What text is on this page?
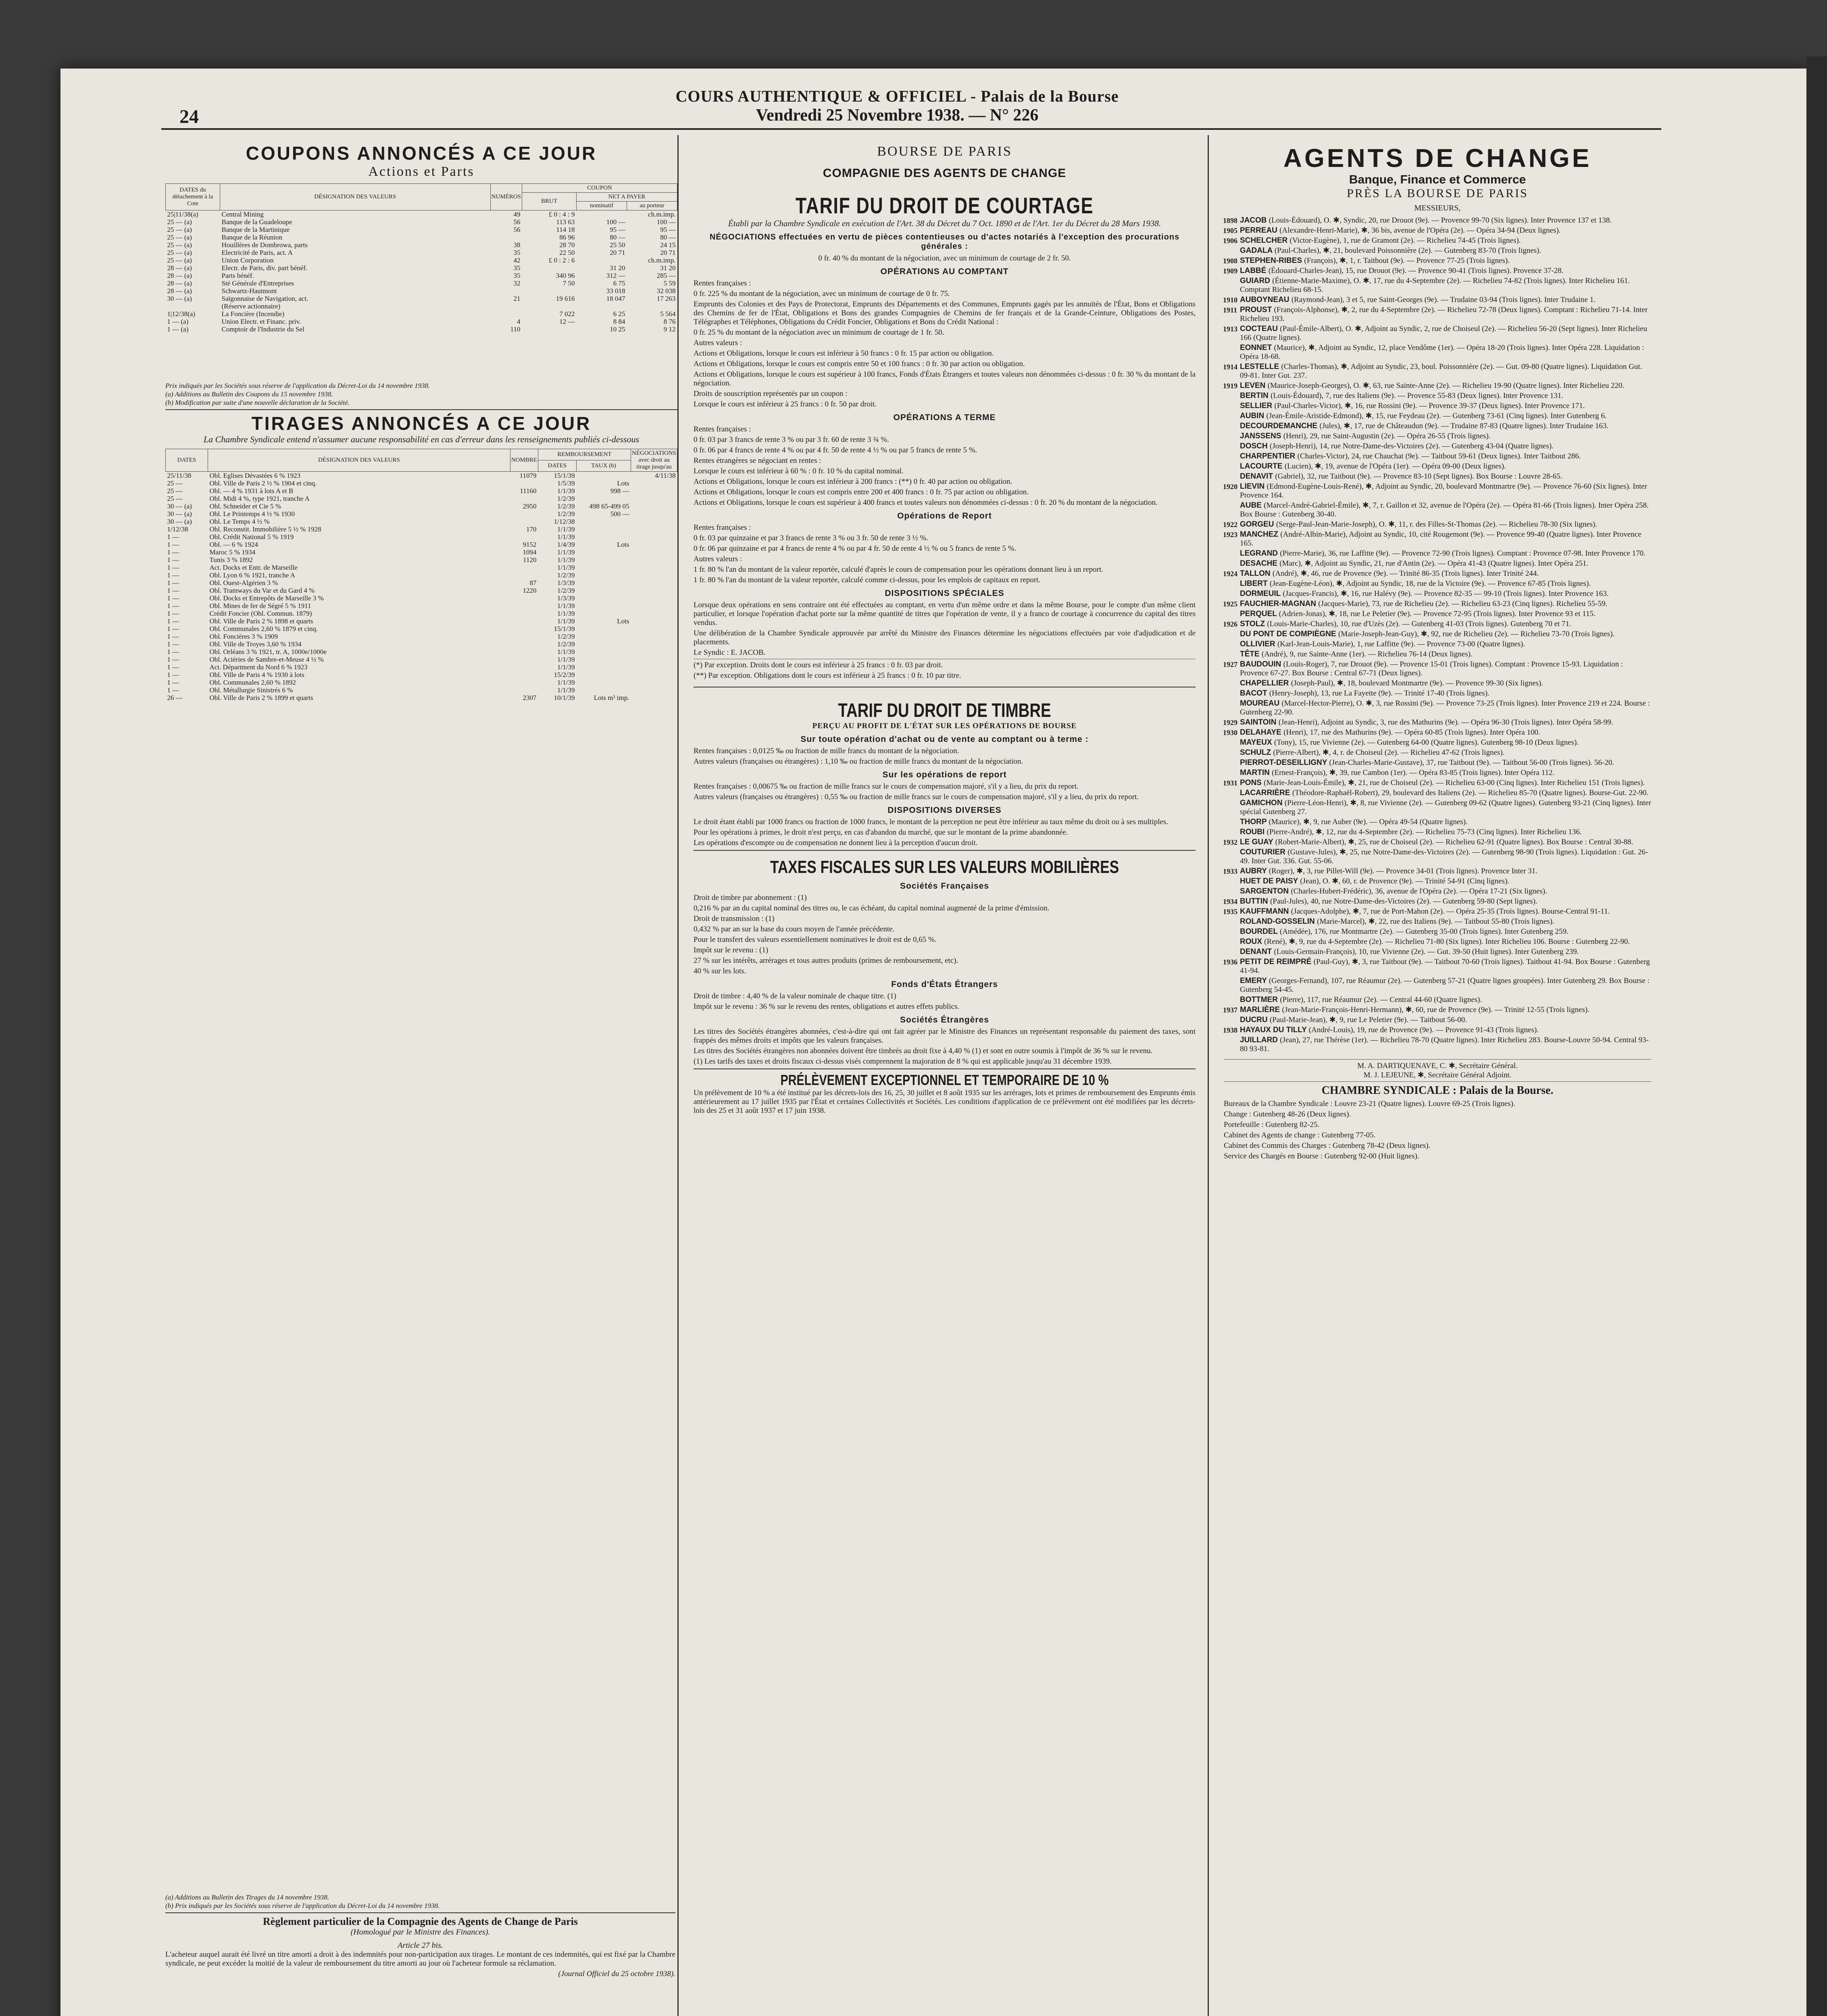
COURS AUTHENTIQUE & OFFICIEL - Palais de la Bourse
Vendredi 25 Novembre 1938. — N° 226
24
COUPONS ANNONCÉS A CE JOUR
Actions et Parts
DATES du détachement à la Cote	DÉSIGNATION DES VALEURS	NUMÉROS	COUPON		
			BRUT	NET A PAYER	
				nominatif	au porteur
25|11/38(a)	Central Mining	49	£ 0 : 4 : 9		ch.m.imp.
25 — (a)	Banque de la Guadeloupe	56	113 63	100 —	100 —
25 — (a)	Banque de la Martinique	56	114 18	95 —	95 —
25 — (a)	Banque de la Réunion		86 96	80 —	80 —
25 — (a)	Houillères de Dombrowa, parts	38	28 70	25 50	24 15
25 — (a)	Electricité de Paris, act. A	35	22 50	20 71	20 71
25 — (a)	Union Corporation	42	£ 0 : 2 : 6		ch.m.imp.
28 — (a)	Electr. de Paris, div. part bénéf.	35		31 20	31 20
28 — (a)	Parts bénéf.	35	340 96	312 —	285 —
28 — (a)	Sté Générale d'Entreprises	32	7 50	6 75	5 59
28 — (a)	Schwartz-Hautmont			33 018	32 038
30 — (a)	Saïgonnaise de Navigation, act.	21	19 616	18 047	17 263
	(Réserve actionnaire)				
1|12/38(a)	La Foncière (Incendie)		7 022	6 25	5 564
1 — (a)	Union Electr. et Financ. priv.	4	12 —	8 84	8 76
1 — (a)	Comptoir de l'Industrie du Sel	110		10 25	9 12
Prix indiqués par les Sociétés sous réserve de l'application du Décret-Loi du 14 novembre 1938.
(a) Additions au Bulletin des Coupons du 15 novembre 1938.
(b) Modification par suite d'une nouvelle déclaration de la Société.
TIRAGES ANNONCÉS A CE JOUR
La Chambre Syndicale entend n'assumer aucune responsabilité en cas d'erreur dans les renseignements publiés ci-dessous
DATES	DÉSIGNATION DES VALEURS	NOMBRE	REMBOURSEMENT		NÉGOCIATIONS avec droit au tirage jusqu'au
			DATES	TAUX (b)	
25/11/38	Obl. Eglises Dévastées 6 % 1923	11079	15/1/39		4/11/38
25 —	Obl. Ville de Paris 2 ½ % 1904 et cinq.		1/5/39	Lots	
25 —	Obl. — 4 % 1931 à lots A et B	11160	1/1/39	998 —	
25 —	Obl. Midi 4 %, type 1921, tranche A		1/2/39		
30 — (a)	Obl. Schneider et Cie 5 %	2950	1/2/39	498 65-499 05	
30 — (a)	Obl. Le Printemps 4 ½ % 1930		1/2/39	500 —	
30 — (a)	Obl. Le Temps 4 ½ %		1/12/38		
1/12/38	Obl. Reconstit. Immobilière 5 ½ % 1928	170	1/1/39		
1 —	Obl. Crédit National 5 % 1919		1/1/39		
1 —	Obl. — 6 % 1924	9152	1/4/39	Lots	
1 —	Maroc 5 % 1934	1094	1/1/39		
1 —	Tunis 3 % 1892	1120	1/1/39		
1 —	Act. Docks et Entr. de Marseille		1/1/39		
1 —	Obl. Lyon 6 % 1921, tranche A		1/2/39		
1 —	Obl. Ouest-Algérien 3 %	87	1/3/39		
1 —	Obl. Tramways du Var et du Gard 4 %	1220	1/2/39		
1 —	Obl. Docks et Entrepôts de Marseille 3 %		1/3/39		
1 —	Obl. Mines de fer de Ségré 5 % 1911		1/1/39		
1 —	Crédit Foncier (Obl. Commun. 1879)		1/1/39		
1 —	Obl. Ville de Paris 2 % 1898 et quarts		1/1/39	Lots	
1 —	Obl. Communales 2,60 % 1879 et cinq.		15/1/39		
1 —	Obl. Foncières 3 % 1909		1/2/39		
1 —	Obl. Ville de Troyes 3,60 % 1934		1/2/39		
1 —	Obl. Orléans 3 % 1921, tr. A, 1000e/1000e		1/1/39		
1 —	Obl. Aciéries de Sambre-et-Meuse 4 ½ %		1/1/39		
1 —	Act. Départment du Nord 6 % 1923		1/1/39		
1 —	Obl. Ville de Paris 4 % 1930 à lots		15/2/39		
1 —	Obl. Communales 2,60 % 1892		1/1/39		
1 —	Obl. Métallurgie Sinistrés 6 %		1/1/39		
26 —	Obl. Ville de Paris 2 % 1899 et quarts	2307	10/1/39	Lots m² imp.	
(a) Additions au Bulletin des Tirages du 14 novembre 1938.
(b) Prix indiqués par les Sociétés sous réserve de l'application du Décret-Loi du 14 novembre 1938.
Règlement particulier de la Compagnie des Agents de Change de Paris
(Homologué par le Ministre des Finances).
Article 27 bis.
L'acheteur auquel aurait été livré un titre amorti a droit à des indemnités pour non-participation aux tirages. Le montant de ces indemnités, qui est fixé par la Chambre syndicale, ne peut excéder la moitié de la valeur de remboursement du titre amorti au jour où l'acheteur formule sa réclamation.
(Journal Officiel du 25 octobre 1938).
BOURSE DE PARIS
COMPAGNIE DES AGENTS DE CHANGE
TARIF DU DROIT DE COURTAGE
Établi par la Chambre Syndicale en exécution de l'Art. 38 du Décret du 7 Oct. 1890 et de l'Art. 1er du Décret du 28 Mars 1938.
NÉGOCIATIONS effectuées en vertu de pièces contentieuses ou d'actes notariés à l'exception des procurations générales :
0 fr. 40 % du montant de la négociation, avec un minimum de courtage de 2 fr. 50.
OPÉRATIONS AU COMPTANT
Rentes françaises :
0 fr. 225 % du montant de la négociation, avec un minimum de courtage de 0 fr. 75.
Emprunts des Colonies et des Pays de Protectorat, Emprunts des Départements et des Communes, Emprunts gagés par les annuités de l'État, Bons et Obligations des Chemins de fer de l'État, Obligations et Bons des grandes Compagnies de Chemins de fer français et de la Grande-Ceinture, Obligations des Postes, Télégraphes et Téléphones, Obligations du Crédit Foncier, Obligations et Bons du Crédit National :
0 fr. 25 % du montant de la négociation avec un minimum de courtage de 1 fr. 50.
Autres valeurs :
Actions et Obligations, lorsque le cours est inférieur à 50 francs : 0 fr. 15 par action ou obligation.
Actions et Obligations, lorsque le cours est compris entre 50 et 100 francs : 0 fr. 30 par action ou obligation.
Actions et Obligations, lorsque le cours est supérieur à 100 francs, Fonds d'États Étrangers et toutes valeurs non dénommées ci-dessus : 0 fr. 30 % du montant de la négociation.
Droits de souscription représentés par un coupon :
Lorsque le cours est inférieur à 25 francs : 0 fr. 50 par droit.
OPÉRATIONS A TERME
Rentes françaises :
0 fr. 03 par 3 francs de rente 3 % ou par 3 fr. 60 de rente 3 ¾ %.
0 fr. 06 par 4 francs de rente 4 % ou par 4 fr. 50 de rente 4 ½ % ou par 5 francs de rente 5 %.
Rentes étrangères se négociant en rentes :
Lorsque le cours est inférieur à 60 % : 0 fr. 10 % du capital nominal.
Actions et Obligations, lorsque le cours est inférieur à 200 francs : (**) 0 fr. 40 par action ou obligation.
Actions et Obligations, lorsque le cours est compris entre 200 et 400 francs : 0 fr. 75 par action ou obligation.
Actions et Obligations, lorsque le cours est supérieur à 400 francs et toutes valeurs non dénommées ci-dessus : 0 fr. 20 % du montant de la négociation.
Opérations de Report
Rentes françaises :
0 fr. 03 par quinzaine et par 3 francs de rente 3 % ou 3 fr. 50 de rente 3 ½ %.
0 fr. 06 par quinzaine et par 4 francs de rente 4 % ou par 4 fr. 50 de rente 4 ½ % ou 5 francs de rente 5 %.
Autres valeurs :
1 fr. 80 % l'an du montant de la valeur reportée, calculé d'après le cours de compensation pour les opérations donnant lieu à un report.
1 fr. 80 % l'an du montant de la valeur reportée, calculé comme ci-dessus, pour les emplois de capitaux en report.
DISPOSITIONS SPÉCIALES
Lorsque deux opérations en sens contraire ont été effectuées au comptant, en vertu d'un même ordre et dans la même Bourse, pour le compte d'un même client particulier, et lorsque l'opération d'achat porte sur la même quantité de titres que l'opération de vente, il y a franco de courtage à concurrence du capital des titres vendus.
Une délibération de la Chambre Syndicale approuvée par arrêté du Ministre des Finances détermine les négociations effectuées par voie d'adjudication et de placements.
Le Syndic : E. JACOB.
(*) Par exception. Droits dont le cours est inférieur à 25 francs : 0 fr. 03 par droit.
(**) Par exception. Obligations dont le cours est inférieur à 25 francs : 0 fr. 10 par titre.
TARIF DU DROIT DE TIMBRE
PERÇU AU PROFIT DE L'ÉTAT SUR LES OPÉRATIONS DE BOURSE
Sur toute opération d'achat ou de vente au comptant ou à terme :
Rentes françaises : 0,0125 ‰ ou fraction de mille francs du montant de la négociation.
Autres valeurs (françaises ou étrangères) : 1,10 ‰ ou fraction de mille francs du montant de la négociation.
Sur les opérations de report
Rentes françaises : 0,00675 ‰ ou fraction de mille francs sur le cours de compensation majoré, s'il y a lieu, du prix du report.
Autres valeurs (françaises ou étrangères) : 0,55 ‰ ou fraction de mille francs sur le cours de compensation majoré, s'il y a lieu, du prix du report.
DISPOSITIONS DIVERSES
Le droit étant établi par 1000 francs ou fraction de 1000 francs, le montant de la perception ne peut être inférieur au taux même du droit ou à ses multiples.
Pour les opérations à primes, le droit n'est perçu, en cas d'abandon du marché, que sur le montant de la prime abandonnée.
Les opérations d'escompte ou de compensation ne donnent lieu à la perception d'aucun droit.
TAXES FISCALES SUR LES VALEURS MOBILIÈRES
Sociétés Françaises
Droit de timbre par abonnement : (1)
0,216 % par an du capital nominal des titres ou, le cas échéant, du capital nominal augmenté de la prime d'émission.
Droit de transmission : (1)
0,432 % par an sur la base du cours moyen de l'année précédente.
Pour le transfert des valeurs essentiellement nominatives le droit est de 0,65 %.
Impôt sur le revenu : (1)
27 % sur les intérêts, arrérages et tous autres produits (primes de remboursement, etc).
40 % sur les lots.
Fonds d'États Étrangers
Droit de timbre : 4,40 % de la valeur nominale de chaque titre. (1)
Impôt sur le revenu : 36 % sur le revenu des rentes, obligations et autres effets publics.
Sociétés Étrangères
Les titres des Sociétés étrangères abonnées, c'est-à-dire qui ont fait agréer par le Ministre des Finances un représentant responsable du paiement des taxes, sont frappés des mêmes droits et impôts que les valeurs françaises.
Les titres des Sociétés étrangères non abonnées doivent être timbrés au droit fixe à 4,40 % (1) et sont en outre soumis à l'impôt de 36 % sur le revenu.
(1) Les tarifs des taxes et droits fiscaux ci-dessus visés comprennent la majoration de 8 % qui est applicable jusqu'au 31 décembre 1939.
PRÉLÈVEMENT EXCEPTIONNEL ET TEMPORAIRE DE 10 %
Un prélèvement de 10 % a été institué par les décrets-lois des 16, 25, 30 juillet et 8 août 1935 sur les arrérages, lots et primes de remboursement des Emprunts émis antérieurement au 17 juillet 1935 par l'État et certaines Collectivités et Sociétés. Les conditions d'application de ce prélèvement ont été modifiées par les décrets-lois des 25 et 31 août 1937 et 17 juin 1938.
AGENTS DE CHANGE
Banque, Finance et Commerce
PRÈS LA BOURSE DE PARIS
MESSIEURS,
1898 JACOB (Louis-Édouard), O. ✱, Syndic, 20, rue Drouot (9e). — Provence 99-70 (Six lignes). Inter Provence 137 et 138.
1905 PERREAU (Alexandre-Henri-Marie), ✱, 36 bis, avenue de l'Opéra (2e). — Opéra 34-94 (Deux lignes).
1906 SCHELCHER (Victor-Eugène), 1, rue de Gramont (2e). — Richelieu 74-45 (Trois lignes).
GADALA (Paul-Charles), ✱, 21, boulevard Poissonnière (2e). — Gutenberg 83-70 (Trois lignes).
1908 STEPHEN-RIBES (François), ✱, 1, r. Taitbout (9e). — Provence 77-25 (Trois lignes).
1909 LABBÉ (Édouard-Charles-Jean), 15, rue Drouot (9e). — Provence 90-41 (Trois lignes). Provence 37-28.
GUIARD (Étienne-Marie-Maxime), O. ✱, 17, rue du 4-Septembre (2e). — Richelieu 74-82 (Trois lignes). Inter Richelieu 161. Comptant Richelieu 68-15.
1910 AUBOYNEAU (Raymond-Jean), 3 et 5, rue Saint-Georges (9e). — Trudaine 03-94 (Trois lignes). Inter Trudaine 1.
1911 PROUST (François-Alphonse), ✱, 2, rue du 4-Septembre (2e). — Richelieu 72-78 (Deux lignes). Comptant : Richelieu 71-14. Inter Richelieu 193.
1913 COCTEAU (Paul-Émile-Albert), O. ✱, Adjoint au Syndic, 2, rue de Choiseul (2e). — Richelieu 56-20 (Sept lignes). Inter Richelieu 166 (Quatre lignes).
EONNET (Maurice), ✱, Adjoint au Syndic, 12, place Vendôme (1er). — Opéra 18-20 (Trois lignes). Inter Opéra 228. Liquidation : Opéra 18-68.
1914 LESTELLE (Charles-Thomas), ✱, Adjoint au Syndic, 23, boul. Poissonnière (2e). — Gut. 09-80 (Quatre lignes). Liquidation Gut. 09-81. Inter Gut. 237.
1919 LEVEN (Maurice-Joseph-Georges), O. ✱, 63, rue Sainte-Anne (2e). — Richelieu 19-90 (Quatre lignes). Inter Richelieu 220.
BERTIN (Louis-Édouard), 7, rue des Italiens (9e). — Provence 55-83 (Deux lignes). Inter Provence 131.
SELLIER (Paul-Charles-Victor), ✱, 16, rue Rossini (9e). — Provence 39-37 (Deux lignes). Inter Provence 171.
AUBIN (Jean-Émile-Aristide-Edmond), ✱, 15, rue Feydeau (2e). — Gutenberg 73-61 (Cinq lignes). Inter Gutenberg 6.
DECOURDEMANCHE (Jules), ✱, 17, rue de Châteaudun (9e). — Trudaine 87-83 (Quatre lignes). Inter Trudaine 163.
JANSSENS (Henri), 29, rue Saint-Augustin (2e). — Opéra 26-55 (Trois lignes).
DOSCH (Joseph-Henri), 14, rue Notre-Dame-des-Victoires (2e). — Gutenberg 43-04 (Quatre lignes).
CHARPENTIER (Charles-Victor), 24, rue Chauchat (9e). — Taitbout 59-61 (Deux lignes). Inter Taitbout 286.
LACOURTE (Lucien), ✱, 19, avenue de l'Opéra (1er). — Opéra 09-00 (Deux lignes).
DENAVIT (Gabriel), 32, rue Taitbout (9e). — Provence 83-10 (Sept lignes). Box Bourse : Louvre 28-65.
1920 LIEVIN (Edmond-Eugène-Louis-René), ✱, Adjoint au Syndic, 20, boulevard Montmartre (9e). — Provence 76-60 (Six lignes). Inter Provence 164.
AUBE (Marcel-André-Gabriel-Émile), ✱, 7, r. Gaillon et 32, avenue de l'Opéra (2e). — Opéra 81-66 (Trois lignes). Inter Opéra 258. Box Bourse : Gutenberg 30-40.
1922 GORGEU (Serge-Paul-Jean-Marie-Joseph), O. ✱, 11, r. des Filles-St-Thomas (2e). — Richelieu 78-30 (Six lignes).
1923 MANCHEZ (André-Albin-Marie), Adjoint au Syndic, 10, cité Rougemont (9e). — Provence 99-40 (Quatre lignes). Inter Provence 165.
LEGRAND (Pierre-Marie), 36, rue Laffitte (9e). — Provence 72-90 (Trois lignes). Comptant : Provence 07-98. Inter Provence 170.
DESACHE (Marc), ✱, Adjoint au Syndic, 21, rue d'Antin (2e). — Opéra 41-43 (Quatre lignes). Inter Opéra 251.
1924 TALLON (André), ✱, 46, rue de Provence (9e). — Trinité 86-35 (Trois lignes). Inter Trinité 244.
LIBERT (Jean-Eugène-Léon), ✱, Adjoint au Syndic, 18, rue de la Victoire (9e). — Provence 67-85 (Trois lignes).
DORMEUIL (Jacques-Francis), ✱, 16, rue Halévy (9e). — Provence 82-35 — 99-10 (Trois lignes). Inter Provence 163.
1925 FAUCHIER-MAGNAN (Jacques-Marie), 73, rue de Richelieu (2e). — Richelieu 63-23 (Cinq lignes). Richelieu 55-59.
PERQUEL (Adrien-Jonas), ✱, 18, rue Le Peletier (9e). — Provence 72-95 (Trois lignes). Inter Provence 93 et 115.
1926 STOLZ (Louis-Marie-Charles), 10, rue d'Uzès (2e). — Gutenberg 41-03 (Trois lignes). Gutenberg 70 et 71.
DU PONT DE COMPIÈGNE (Marie-Joseph-Jean-Guy), ✱, 92, rue de Richelieu (2e). — Richelieu 73-70 (Trois lignes).
OLLIVIER (Karl-Jean-Louis-Marie), 1, rue Laffitte (9e). — Provence 73-00 (Quatre lignes).
TÊTE (André), 9, rue Sainte-Anne (1er). — Richelieu 76-14 (Deux lignes).
1927 BAUDOUIN (Louis-Roger), 7, rue Drouot (9e). — Provence 15-01 (Trois lignes). Comptant : Provence 15-93. Liquidation : Provence 67-27. Box Bourse : Central 67-71 (Deux lignes).
CHAPELLIER (Joseph-Paul), ✱, 18, boulevard Montmartre (9e). — Provence 99-30 (Six lignes).
BACOT (Henry-Joseph), 13, rue La Fayette (9e). — Trinité 17-40 (Trois lignes).
MOUREAU (Marcel-Hector-Pierre), O. ✱, 3, rue Rossini (9e). — Provence 73-25 (Trois lignes). Inter Provence 219 et 224. Bourse : Gutenberg 22-90.
1929 SAINTOIN (Jean-Henri), Adjoint au Syndic, 3, rue des Mathurins (9e). — Opéra 96-30 (Trois lignes). Inter Opéra 58-99.
1930 DELAHAYE (Henri), 17, rue des Mathurins (9e). — Opéra 60-85 (Trois lignes). Inter Opéra 100.
MAYEUX (Tony), 15, rue Vivienne (2e). — Gutenberg 64-00 (Quatre lignes). Gutenberg 98-10 (Deux lignes).
SCHULZ (Pierre-Albert), ✱, 4, r. de Choiseul (2e). — Richelieu 47-62 (Trois lignes).
PIERROT-DESEILLIGNY (Jean-Charles-Marie-Gustave), 37, rue Taitbout (9e). — Taitbout 56-00 (Trois lignes). 56-20.
MARTIN (Ernest-François), ✱, 39, rue Cambon (1er). — Opéra 83-85 (Trois lignes). Inter Opéra 112.
1931 PONS (Marie-Jean-Louis-Émile), ✱, 21, rue de Choiseul (2e). — Richelieu 63-00 (Cinq lignes). Inter Richelieu 151 (Trois lignes).
LACARRIÈRE (Théodore-Raphaël-Robert), 29, boulevard des Italiens (2e). — Richelieu 85-70 (Quatre lignes). Bourse-Gut. 22-90.
GAMICHON (Pierre-Léon-Henri), ✱, 8, rue Vivienne (2e). — Gutenberg 09-62 (Quatre lignes). Gutenberg 93-21 (Cinq lignes). Inter spécial Gutenberg 27.
THORP (Maurice), ✱, 9, rue Auber (9e). — Opéra 49-54 (Quatre lignes).
ROUBI (Pierre-André), ✱, 12, rue du 4-Septembre (2e). — Richelieu 75-73 (Cinq lignes). Inter Richelieu 136.
1932 LE GUAY (Robert-Marie-Albert), ✱, 25, rue de Choiseul (2e). — Richelieu 62-91 (Quatre lignes). Box Bourse : Central 30-88.
COUTURIER (Gustave-Jules), ✱, 25, rue Notre-Dame-des-Victoires (2e). — Gutenberg 98-90 (Trois lignes). Liquidation : Gut. 26-49. Inter Gut. 336. Gut. 55-06.
1933 AUBRY (Roger), ✱, 3, rue Pillet-Will (9e). — Provence 34-01 (Trois lignes). Provence Inter 31.
HUET DE PAISY (Jean), O. ✱, 60, r. de Provence (9e). — Trinité 54-91 (Cinq lignes).
SARGENTON (Charles-Hubert-Frédéric), 36, avenue de l'Opéra (2e). — Opéra 17-21 (Six lignes).
1934 BUTTIN (Paul-Jules), 40, rue Notre-Dame-des-Victoires (2e). — Gutenberg 59-80 (Sept lignes).
1935 KAUFFMANN (Jacques-Adolphe), ✱, 7, rue de Port-Mahon (2e). — Opéra 25-35 (Trois lignes). Bourse-Central 91-11.
ROLAND-GOSSELIN (Marie-Marcel), ✱, 22, rue des Italiens (9e). — Taitbout 55-80 (Trois lignes).
BOURDEL (Amédée), 176, rue Montmartre (2e). — Gutenberg 35-00 (Trois lignes). Inter Gutenberg 259.
ROUX (René), ✱, 9, rue du 4-Septembre (2e). — Richelieu 71-80 (Six lignes). Inter Richelieu 106. Bourse : Gutenberg 22-90.
DENANT (Louis-Germain-François), 10, rue Vivienne (2e). — Gut. 39-50 (Huit lignes). Inter Gutenberg 239.
1936 PETIT DE REIMPRÉ (Paul-Guy), ✱, 3, rue Taitbout (9e). — Taitbout 70-60 (Trois lignes). Taitbout 41-94. Box Bourse : Gutenberg 41-94.
EMERY (Georges-Fernand), 107, rue Réaumur (2e). — Gutenberg 57-21 (Quatre lignes groupées). Inter Gutenberg 29. Box Bourse : Gutenberg 54-45.
BOTTMER (Pierre), 117, rue Réaumur (2e). — Central 44-60 (Quatre lignes).
1937 MARLIÈRE (Jean-Marie-François-Henri-Hermann), ✱, 60, rue de Provence (9e). — Trinité 12-55 (Trois lignes).
DUCRU (Paul-Marie-Jean), ✱, 9, rue Le Peletier (9e). — Taitbout 56-00.
1938 HAYAUX DU TILLY (André-Louis), 19, rue de Provence (9e). — Provence 91-43 (Trois lignes).
JUILLARD (Jean), 27, rue Thérèse (1er). — Richelieu 78-70 (Quatre lignes). Inter Richelieu 283. Bourse-Louvre 50-94. Central 93-80 93-81.
M. A. DARTIQUENAVE, C. ✱, Secrétaire Général.
M. J. LEJEUNE, ✱, Secrétaire Général Adjoint.
CHAMBRE SYNDICALE : Palais de la Bourse.
Bureaux de la Chambre Syndicale : Louvre 23-21 (Quatre lignes). Louvre 69-25 (Trois lignes).
Change : Gutenberg 48-26 (Deux lignes).
Portefeuille : Gutenberg 82-25.
Cabinet des Agents de change : Gutenberg 77-05.
Cabinet des Commis des Charges : Gutenberg 78-42 (Deux lignes).
Service des Chargés en Bourse : Gutenberg 92-00 (Huit lignes).
